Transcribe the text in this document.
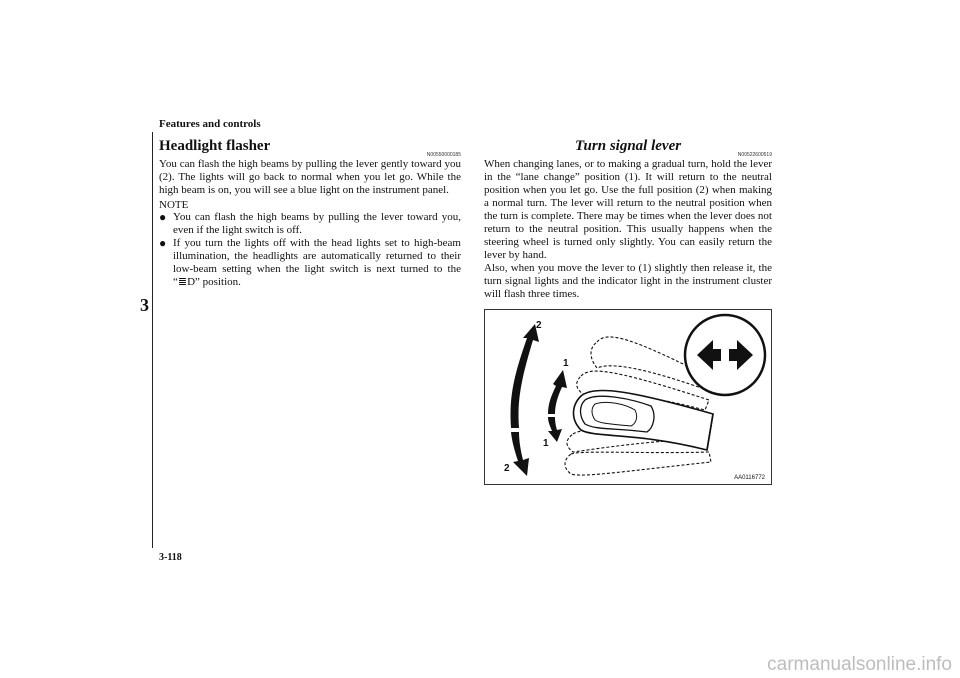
Features and controls
3
Headlight flasher
N00550000185

You can flash the high beams by pulling the lever gently toward you (2). The lights will go back to normal when you let go. While the high beam is on, you will see a blue light on the instrument panel.

NOTE
● You can flash the high beams by pulling the lever toward you, even if the light switch is off.
● If you turn the lights off with the head lights set to high-beam illumination, the headlights are automatically returned to their low-beam setting when the light switch is next turned to the “≣D” position.
Turn signal lever
N00522600519

When changing lanes, or to making a gradual turn, hold the lever in the “lane change” position (1). It will return to the neutral position when you let go. Use the full position (2) when making a normal turn. The lever will return to the neutral position when the turn is complete. There may be times when the lever does not return to the neutral position. This usually happens when the steering wheel is turned only slightly. You can easily return the lever by hand.

Also, when you move the lever to (1) slightly then release it, the turn signal lights and the indicator light in the instrument cluster will flash three times.

2
1
1
2
AA0116772
3-118
carmanualsonline.info
